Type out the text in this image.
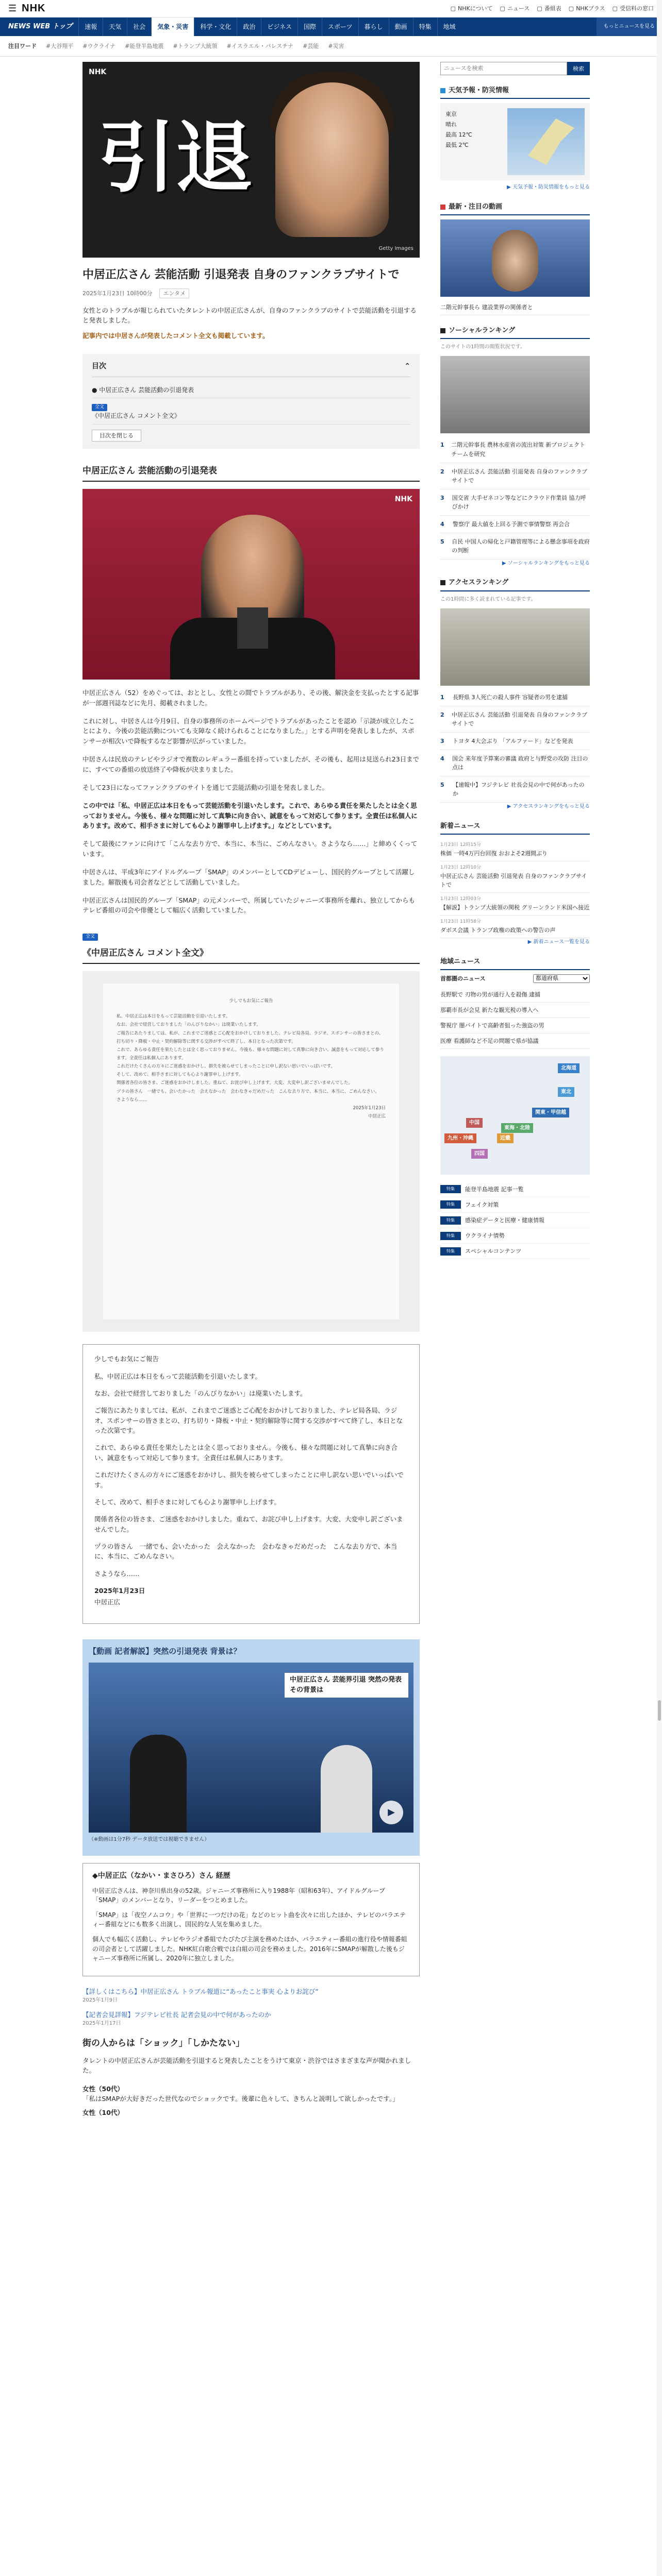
☰ NHK	▢ NHKについて ▢ ニュース ▢ 番組表 ▢ NHKプラス ▢ 受信料の窓口
NEWS WEB トップ	速報	天気	社会	気象・災害	科学・文化	政治	ビジネス	国際	スポーツ	暮らし	動画	特集	地域	もっとニュースを見る
注目ワード #大谷翔平 #ウクライナ #能登半島地震 #トランプ大統領 #イスラエル・パレスチナ #芸能 #災害
NHK
引退
Getty Images
中居正広さん 芸能活動 引退発表 自身のファンクラブサイトで
2025年1月23日 10時00分	エンタメ

女性とのトラブルが報じられていたタレントの中居正広さんが、自身のファンクラブのサイトで芸能活動を引退すると発表しました。

記事内では中居さんが発表したコメント全文も掲載しています。

目次	⌃
● 中居正広さん 芸能活動の引退発表
全文
《中居正広さん コメント全文》
目次を閉じる
中居正広さん 芸能活動の引退発表
NHK

中居正広さん（52）をめぐっては、おととし、女性との間でトラブルがあり、その後、解決金を支払ったとする記事が一部週刊誌などに先月、掲載されました。

これに対し、中居さんは今月9日、自身の事務所のホームページでトラブルがあったことを認め「示談が成立したことにより、今後の芸能活動についても支障なく続けられることになりました。」とする声明を発表しましたが、スポンサーが相次いで降板するなど影響が広がっていました。

中居さんは民放のテレビやラジオで複数のレギュラー番組を持っていましたが、その後も、起用は見送られ23日までに、すべての番組の放送終了や降板が決まりました。

そして23日になってファンクラブのサイトを通じて芸能活動の引退を発表しました。

この中では「私、中居正広は本日をもって芸能活動を引退いたします。これで、あらゆる責任を果たしたとは全く思っておりません。今後も、様々な問題に対して真摯に向き合い、誠意をもって対応して参ります。全責任は私個人にあります。改めて、相手さまに対しても心より謝罪申し上げます。」などとしています。

そして最後にファンに向けて「こんな去り方で、本当に、本当に、ごめんなさい。さようなら……」と締めくくっています。

中居さんは、平成3年にアイドルグループ「SMAP」のメンバーとしてCDデビューし、国民的グループとして活躍しました。解散後も司会者などとして活動していました。

中居正広さんは国民的グループ「SMAP」の元メンバーで、所属していたジャニーズ事務所を離れ、独立してからもテレビ番組の司会や俳優として幅広く活動していました。

全文
《中居正広さん コメント全文》

少しでもお気にご報告

私、中居正広は本日をもって芸能活動を引退いたします。

なお、会社で経営しておりました「のんびりなかい」は廃業いたします。

ご報告にあたりましては、私が、これまでご迷惑とご心配をおかけしておりました、テレビ局各局、ラジオ、スポンサーの皆さまとの、打ち切り・降板・中止・契約解除等に関する交渉がすべて終了し、本日となった次第です。

これで、あらゆる責任を果たしたとは全く思っておりません。今後も、様々な問題に対して真摯に向き合い、誠意をもって対応して参ります。全責任は私個人にあります。

これだけたくさんの方々にご迷惑をおかけし、損失を被らせてしまったことに申し訳ない思いでいっぱいです。

そして、改めて、相手さまに対しても心より謝罪申し上げます。

関係者各位の皆さま、ご迷惑をおかけしました。重ねて、お詫び申し上げます。大変、大変申し訳ございませんでした。

ヅラの皆さん　一緒でも、会いたかった　会えなかった　会わなきゃだめだった　こんな去り方で、本当に、本当に、ごめんなさい。

さようなら……

2025年1月23日

中居正広

少しでもお気にご報告

私、中居正広は本日をもって芸能活動を引退いたします。

なお、会社で経営しておりました「のんびりなかい」は廃業いたします。

ご報告にあたりましては、私が、これまでご迷惑とご心配をおかけしておりました、テレビ局各局、ラジオ、スポンサーの皆さまとの、打ち切り・降板・中止・契約解除等に関する交渉がすべて終了し、本日となった次第です。

これで、あらゆる責任を果たしたとは全く思っておりません。今後も、様々な問題に対して真摯に向き合い、誠意をもって対応して参ります。全責任は私個人にあります。

これだけたくさんの方々にご迷惑をおかけし、損失を被らせてしまったことに申し訳ない思いでいっぱいです。

そして、改めて、相手さまに対しても心より謝罪申し上げます。

関係者各位の皆さま、ご迷惑をおかけしました。重ねて、お詫び申し上げます。大変、大変申し訳ございませんでした。

ヅラの皆さん　一緒でも、会いたかった　会えなかった　会わなきゃだめだった　こんな去り方で、本当に、本当に、ごめんなさい。

さようなら……

2025年1月23日

中居正広

【動画 記者解説】突然の引退発表 背景は？
中居正広さん 芸能界引退 突然の発表 その背景は
▶
（※動画は1分7秒 データ放送では視聴できません）
◆中居正広（なかい・まさひろ）さん 経歴

中居正広さんは、神奈川県出身の52歳。ジャニーズ事務所に入り1988年（昭和63年）、アイドルグループ「SMAP」のメンバーとなり、リーダーをつとめました。

「SMAP」は「夜空ノムコウ」や「世界に一つだけの花」などのヒット曲を次々に出したほか、テレビのバラエティー番組などにも数多く出演し、国民的な人気を集めました。

個人でも幅広く活動し、テレビやラジオ番組でたびたび主演を務めたほか、バラエティー番組の進行役や情報番組の司会者として活躍しました。NHK紅白歌合戦では白組の司会を務めました。2016年にSMAPが解散した後もジャニーズ事務所に所属し、2020年に独立しました。

【詳しくはこちら】中居正広さん トラブル報道に“あったこと事実 心よりお詫び”
2025年1月9日
【記者会見詳報】フジテレビ社長 記者会見の中で何があったのか
2025年1月17日
街の人からは「ショック」「しかたない」

タレントの中居正広さんが芸能活動を引退すると発表したことをうけて東京・渋谷ではさまざまな声が聞かれました。

女性（50代）
「私はSMAPが大好きだった世代なのでショックです。後輩に色々して、きちんと説明して欲しかったです。」
女性（10代）
ニュースを検索
検索
天気予報・防災情報
東京
晴れ
最高 12℃
最低 2℃
▶ 天気予報・防災情報をもっと見る
最新・注目の動画
二階元幹事長ら 建設業界の関係者と
ソーシャルランキング
このサイトの1時間の閲覧状況です。
1	二階元幹事長 農林水産省の流出対策 新プロジェクトチームを研究
2	中居正広さん 芸能活動 引退発表 自身のファンクラブサイトで
3	国交省 大手ゼネコン等などにクラウド作業員 協力呼びかけ
4	警察庁 最大値を上回る予測で事情警察 再会合
5	自民 中国人の帰化と戸籍管理等による懸念事項を政府の判断
▶ ソーシャルランキングをもっと見る
アクセスランキング
この1時間に多く読まれている記事です。
1	長野県 3人死亡の殺人事件 容疑者の男を逮捕
2	中居正広さん 芸能活動 引退発表 自身のファンクラブサイトで
3	トヨタ 4大会ぶり 「アルファード」などを発表
4	国会 来年度予算案の審議 政府と与野党の攻防 注目の点は
5	【速報中】フジテレビ 社長会見の中で何があったのか
▶ アクセスランキングをもっと見る
新着ニュース
1月23日 12時15分
株価 一時4万円台回復 おおよそ2週間ぶり
1月23日 12時10分
中居正広さん 芸能活動 引退発表 自身のファンクラブサイトで
1月23日 12時03分
【解説】トランプ大統領の関税 グリーンランド米国へ接近
1月23日 11時58分
ダボス会議 トランプ政権の政策への警告の声
▶ 新着ニュース一覧を見る
地域ニュース
首都圏のニュース
都道府県
長野駅で 刃物の男が通行人を殺傷 逮捕
那覇市長が会見 新たな観光税の導入へ
警視庁 闇バイトで高齢者狙った強盗の男
医療 看護師など不足の問題で県が協議
北海道
東北
関東・甲信越
東海・北陸
近畿
中国
四国
九州・沖縄
特集	能登半島地震 記事一覧
特集	フェイク対策
特集	感染症データと医療・健康情報
特集	ウクライナ情勢
特集	スペシャルコンテンツ
